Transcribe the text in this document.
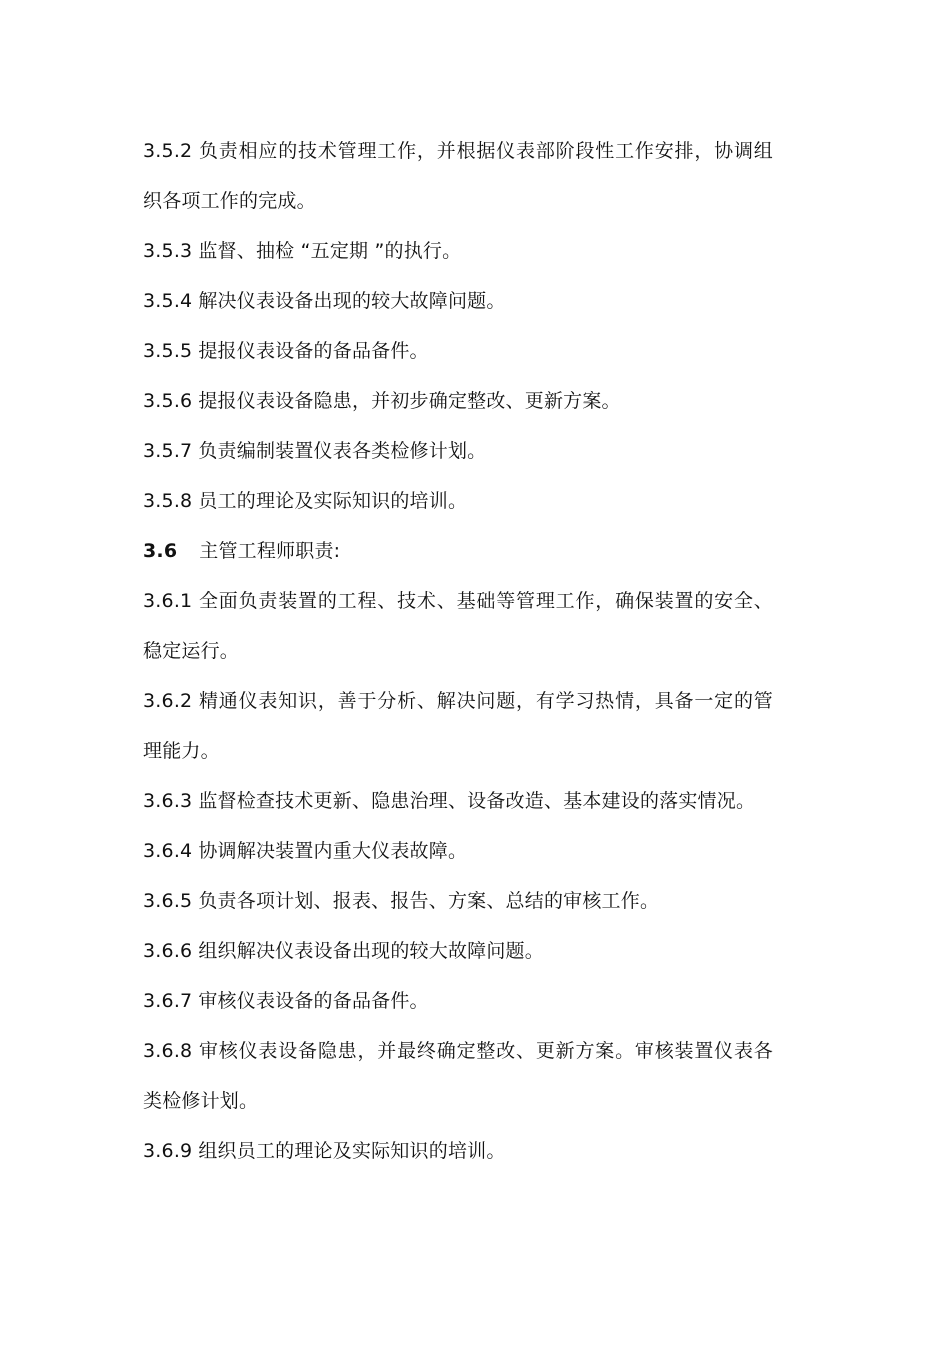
3.5.2 负责相应的技术管理工作，并根据仪表部阶段性工作安排，协调组织各项工作的完成。

3.5.3 监督、抽检 “五定期 ”的执行。

3.5.4 解决仪表设备出现的较大故障问题。

3.5.5 提报仪表设备的备品备件。

3.5.6 提报仪表设备隐患，并初步确定整改、更新方案。

3.5.7 负责编制装置仪表各类检修计划。

3.5.8 员工的理论及实际知识的培训。

3.6 主管工程师职责:

3.6.1 全面负责装置的工程、技术、基础等管理工作，确保装置的安全、稳定运行。

3.6.2 精通仪表知识，善于分析、解决问题，有学习热情，具备一定的管理能力。

3.6.3 监督检查技术更新、隐患治理、设备改造、基本建设的落实情况。

3.6.4 协调解决装置内重大仪表故障。

3.6.5 负责各项计划、报表、报告、方案、总结的审核工作。

3.6.6 组织解决仪表设备出现的较大故障问题。

3.6.7 审核仪表设备的备品备件。

3.6.8 审核仪表设备隐患，并最终确定整改、更新方案。审核装置仪表各类检修计划。

3.6.9 组织员工的理论及实际知识的培训。
